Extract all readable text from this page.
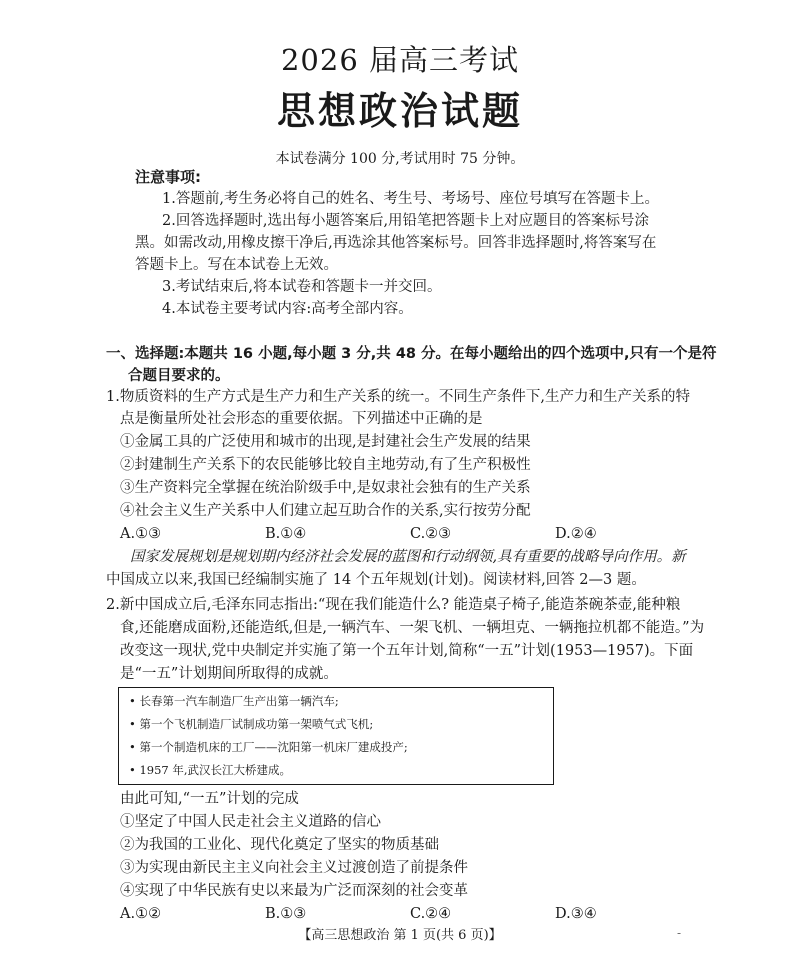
2026 届高三考试
思想政治试题
本试卷满分 100 分,考试用时 75 分钟。
注意事项:
1.答题前,考生务必将自己的姓名、考生号、考场号、座位号填写在答题卡上。
2.回答选择题时,选出每小题答案后,用铅笔把答题卡上对应题目的答案标号涂
黑。如需改动,用橡皮擦干净后,再选涂其他答案标号。回答非选择题时,将答案写在
答题卡上。写在本试卷上无效。
3.考试结束后,将本试卷和答题卡一并交回。
4.本试卷主要考试内容:高考全部内容。
一、选择题:本题共 16 小题,每小题 3 分,共 48 分。在每小题给出的四个选项中,只有一个是符
合题目要求的。
1.物质资料的生产方式是生产力和生产关系的统一。不同生产条件下,生产力和生产关系的特
点是衡量所处社会形态的重要依据。下列描述中正确的是
①金属工具的广泛使用和城市的出现,是封建社会生产发展的结果
②封建制生产关系下的农民能够比较自主地劳动,有了生产积极性
③生产资料完全掌握在统治阶级手中,是奴隶社会独有的生产关系
④社会主义生产关系中人们建立起互助合作的关系,实行按劳分配
A.①③	B.①④	C.②③	D.②④
国家发展规划是规划期内经济社会发展的蓝图和行动纲领,具有重要的战略导向作用。新
中国成立以来,我国已经编制实施了 14 个五年规划(计划)。阅读材料,回答 2—3 题。
2.新中国成立后,毛泽东同志指出:“现在我们能造什么? 能造桌子椅子,能造茶碗茶壶,能种粮
食,还能磨成面粉,还能造纸,但是,一辆汽车、一架飞机、一辆坦克、一辆拖拉机都不能造。”为
改变这一现状,党中央制定并实施了第一个五年计划,简称“一五”计划(1953—1957)。下面
是“一五”计划期间所取得的成就。
• 长春第一汽车制造厂生产出第一辆汽车;
• 第一个飞机制造厂试制成功第一架喷气式飞机;
• 第一个制造机床的工厂——沈阳第一机床厂建成投产;
• 1957 年,武汉长江大桥建成。
由此可知,“一五”计划的完成
①坚定了中国人民走社会主义道路的信心
②为我国的工业化、现代化奠定了坚实的物质基础
③为实现由新民主主义向社会主义过渡创造了前提条件
④实现了中华民族有史以来最为广泛而深刻的社会变革
A.①②	B.①③	C.②④	D.③④
【高三思想政治 第 1 页(共 6 页)】	-
